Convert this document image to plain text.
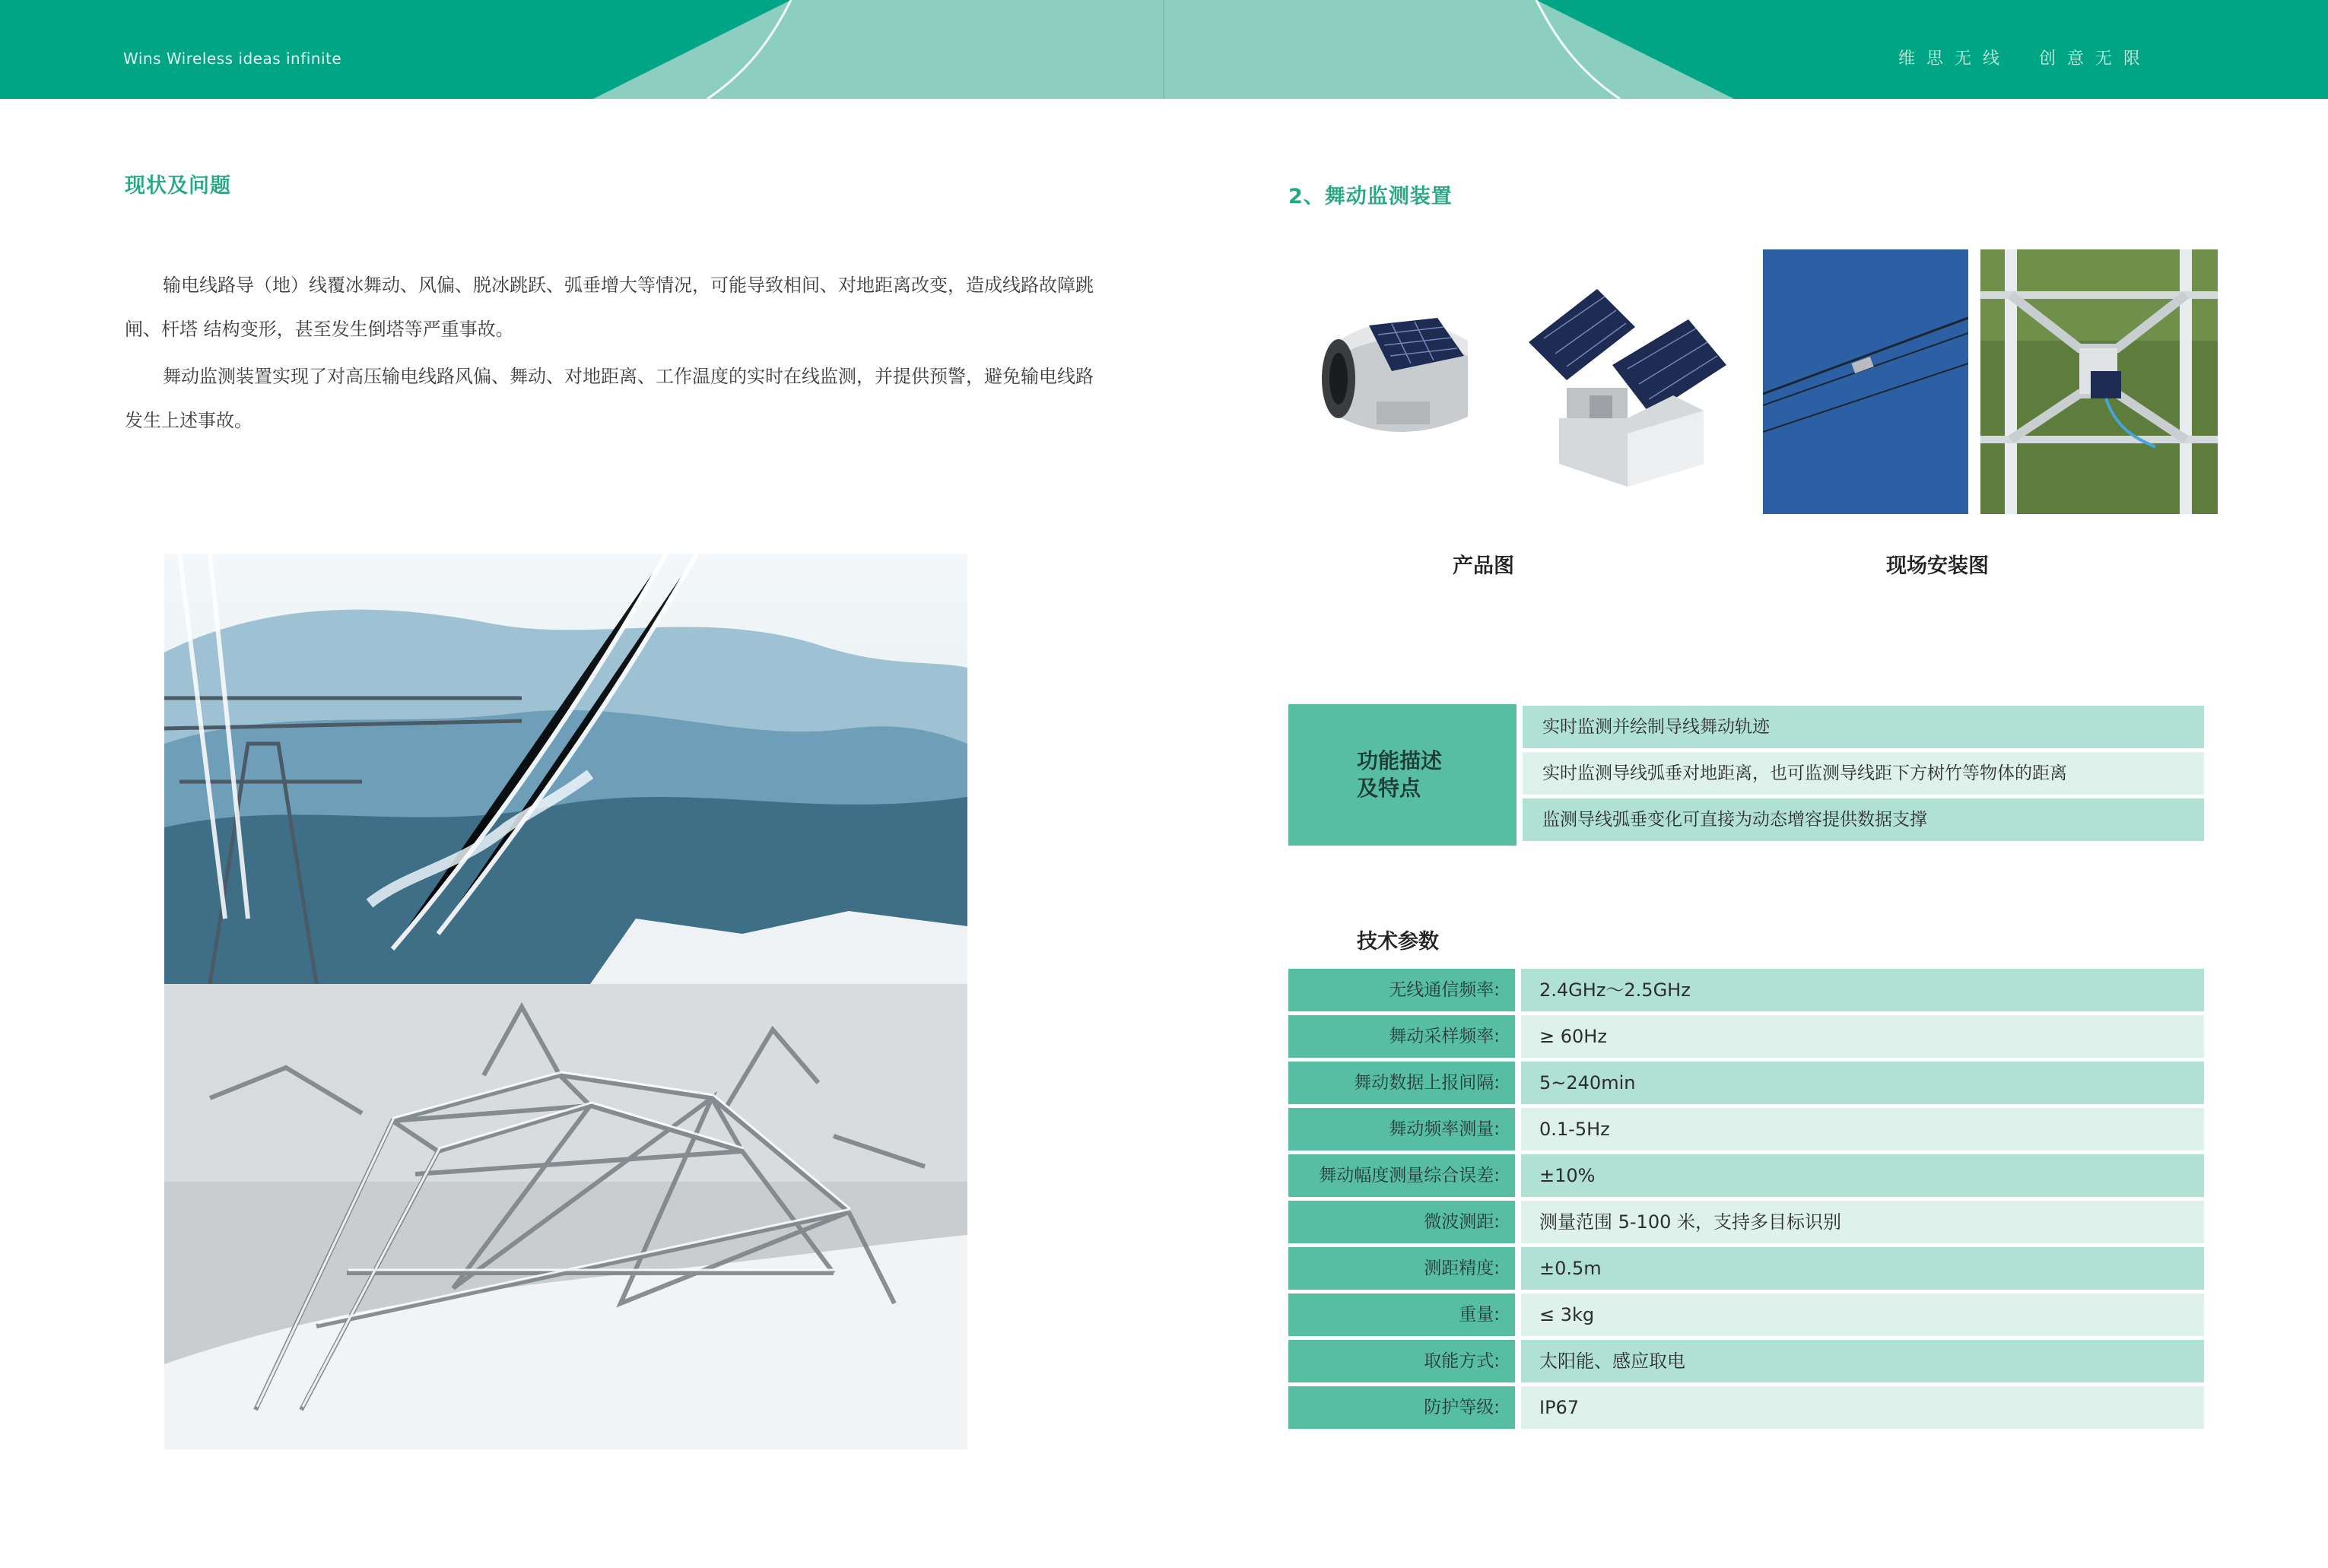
Wins Wireless ideas infinite	维思无线　创意无限
现状及问题

输电线路导（地）线覆冰舞动、风偏、脱冰跳跃、弧垂增大等情况，可能导致相间、对地距离改变，造成线路故障跳闸、杆塔 结构变形，甚至发生倒塔等严重事故。

舞动监测装置实现了对高压输电线路风偏、舞动、对地距离、工作温度的实时在线监测，并提供预警，避免输电线路发生上述事故。

2、舞动监测装置
产品图	现场安装图
功能描述
及特点
实时监测并绘制导线舞动轨迹
实时监测导线弧垂对地距离，也可监测导线距下方树竹等物体的距离
监测导线弧垂变化可直接为动态增容提供数据支撑
技术参数
无线通信频率:	2.4GHz～2.5GHz
舞动采样频率:	≥ 60Hz
舞动数据上报间隔:	5~240min
舞动频率测量:	0.1-5Hz
舞动幅度测量综合误差:	±10%
微波测距:	测量范围 5-100 米，支持多目标识别
测距精度:	±0.5m
重量:	≤ 3kg
取能方式:	太阳能、感应取电
防护等级:	IP67
